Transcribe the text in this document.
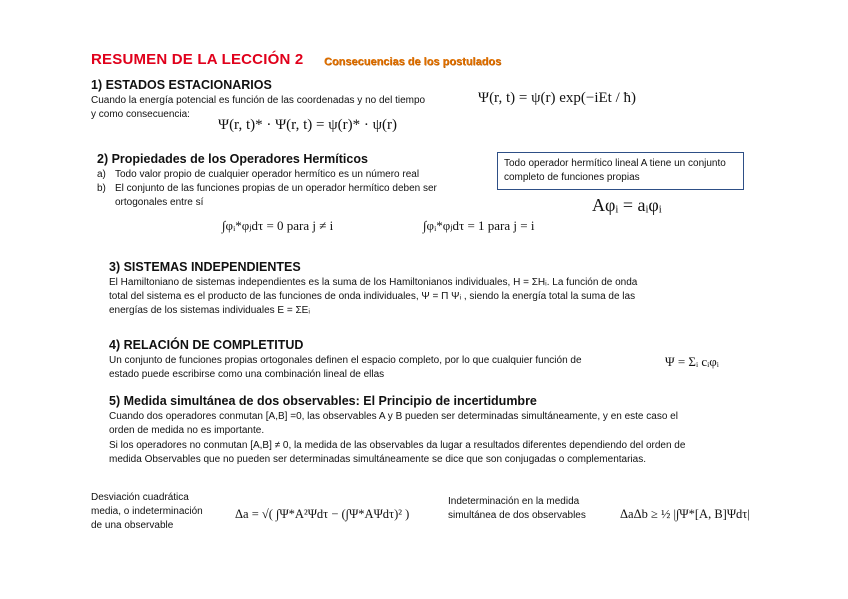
RESUMEN DE LA LECCIÓN 2 Consecuencias de los postulados
1) ESTADOS ESTACIONARIOS
Cuando la energía potencial es función de las coordenadas y no del tiempo
y como consecuencia:
Ψ(r, t) = ψ(r) exp(−iEt / ħ)
Ψ(r, t)* · Ψ(r, t) = ψ(r)* · ψ(r)
2) Propiedades de los Operadores Hermíticos
a) Todo valor propio de cualquier operador hermítico es un número real
b) El conjunto de las funciones propias de un operador hermítico deben ser ortogonales entre sí
Todo operador hermítico lineal A tiene un conjunto completo de funciones propias
Aφᵢ = aᵢφᵢ
∫φᵢ*φⱼdτ = 0 para j ≠ i	∫φᵢ*φⱼdτ = 1 para j = i
3) SISTEMAS INDEPENDIENTES
El Hamiltoniano de sistemas independientes es la suma de los Hamiltonianos individuales, H = ΣHᵢ. La función de onda
total del sistema es el producto de las funciones de onda individuales, Ψ = Π Ψᵢ , siendo la energía total la suma de las
energías de los sistemas individuales E = ΣEᵢ
4) RELACIÓN DE COMPLETITUD
Un conjunto de funciones propias ortogonales definen el espacio completo, por lo que cualquier función de
estado puede escribirse como una combinación lineal de ellas
Ψ = Σᵢ cᵢφᵢ
5) Medida simultánea de dos observables: El Principio de incertidumbre
Cuando dos operadores conmutan [A,B] =0, las observables A y B pueden ser determinadas simultáneamente, y en este caso el
orden de medida no es importante.
Si los operadores no conmutan [A,B] ≠ 0, la medida de las observables da lugar a resultados diferentes dependiendo del orden de
medida Observables que no pueden ser determinadas simultáneamente se dice que son conjugadas o complementarias.
Desviación cuadrática
media, o indeterminación
de una observable
Δa = √( ∫Ψ*A²Ψdτ − (∫Ψ*AΨdτ)² )
Indeterminación en la medida
simultánea de dos observables	ΔaΔb ≥ ½ |∫Ψ*[A, B]Ψdτ|
